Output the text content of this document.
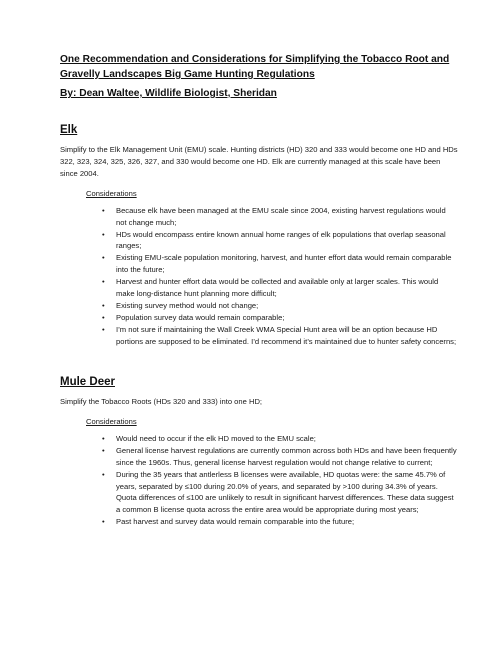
One Recommendation and Considerations for Simplifying the Tobacco Root and Gravelly Landscapes Big Game Hunting Regulations
By: Dean Waltee, Wildlife Biologist, Sheridan
Elk

Simplify to the Elk Management Unit (EMU) scale. Hunting districts (HD) 320 and 333 would become one HD and HDs 322, 323, 324, 325, 326, 327, and 330 would become one HD. Elk are currently managed at this scale have been since 2004.

Considerations
• Because elk have been managed at the EMU scale since 2004, existing harvest regulations would not change much;
• HDs would encompass entire known annual home ranges of elk populations that overlap seasonal ranges;
• Existing EMU-scale population monitoring, harvest, and hunter effort data would remain comparable into the future;
• Harvest and hunter effort data would be collected and available only at larger scales. This would make long-distance hunt planning more difficult;
• Existing survey method would not change;
• Population survey data would remain comparable;
• I’m not sure if maintaining the Wall Creek WMA Special Hunt area will be an option because HD portions are supposed to be eliminated. I’d recommend it’s maintained due to hunter safety concerns;
Mule Deer

Simplify the Tobacco Roots (HDs 320 and 333) into one HD;

Considerations
• Would need to occur if the elk HD moved to the EMU scale;
• General license harvest regulations are currently common across both HDs and have been frequently since the 1960s. Thus, general license harvest regulation would not change relative to current;
• During the 35 years that antlerless B licenses were available, HD quotas were: the same 45.7% of years, separated by ≤100 during 20.0% of years, and separated by >100 during 34.3% of years. Quota differences of ≤100 are unlikely to result in significant harvest differences. These data suggest a common B license quota across the entire area would be appropriate during most years;
• Past harvest and survey data would remain comparable into the future;
